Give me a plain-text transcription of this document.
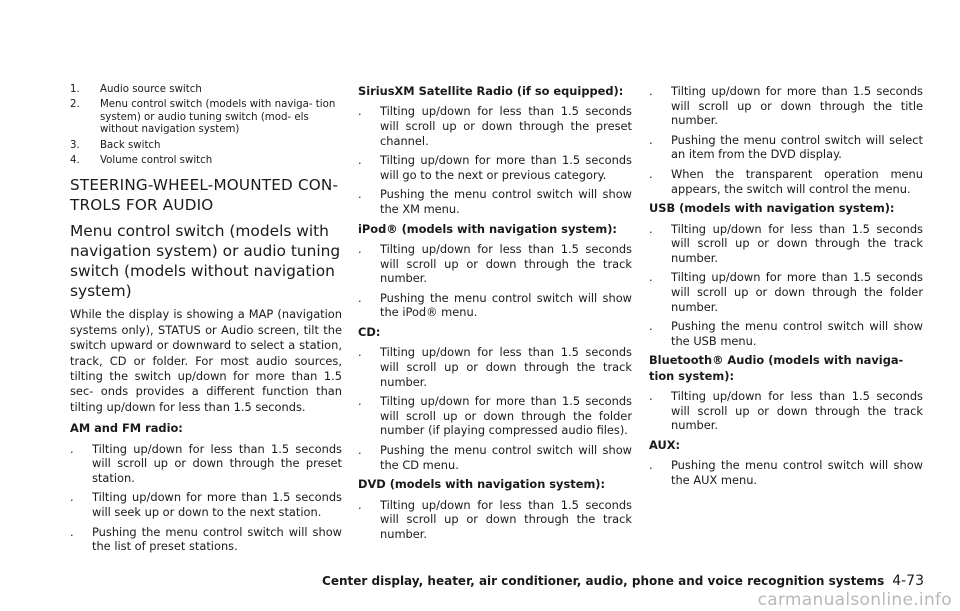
1. Audio source switch
2. Menu control switch (models with naviga- tion system) or audio tuning switch (mod- els without navigation system)
3. Back switch
4. Volume control switch
STEERING-WHEEL-MOUNTED CON- TROLS FOR AUDIO
Menu control switch (models with navigation system) or audio tuning switch (models without navigation system)

While the display is showing a MAP (navigation systems only), STATUS or Audio screen, tilt the switch upward or downward to select a station, track, CD or folder. For most audio sources, tilting the switch up/down for more than 1.5 sec- onds provides a different function than tilting up/down for less than 1.5 seconds.

AM and FM radio:
. Tilting up/down for less than 1.5 seconds will scroll up or down through the preset station.
. Tilting up/down for more than 1.5 seconds will seek up or down to the next station.
. Pushing the menu control switch will show the list of preset stations.
SiriusXM Satellite Radio (if so equipped):
. Tilting up/down for less than 1.5 seconds will scroll up or down through the preset channel.
. Tilting up/down for more than 1.5 seconds will go to the next or previous category.
. Pushing the menu control switch will show the XM menu.
iPod® (models with navigation system):
. Tilting up/down for less than 1.5 seconds will scroll up or down through the track number.
. Pushing the menu control switch will show the iPod® menu.
CD:
. Tilting up/down for less than 1.5 seconds will scroll up or down through the track number.
. Tilting up/down for more than 1.5 seconds will scroll up or down through the folder number (if playing compressed audio files).
. Pushing the menu control switch will show the CD menu.
DVD (models with navigation system):
. Tilting up/down for less than 1.5 seconds will scroll up or down through the track number.
. Tilting up/down for more than 1.5 seconds will scroll up or down through the title number.
. Pushing the menu control switch will select an item from the DVD display.
. When the transparent operation menu appears, the switch will control the menu.
USB (models with navigation system):
. Tilting up/down for less than 1.5 seconds will scroll up or down through the track number.
. Tilting up/down for more than 1.5 seconds will scroll up or down through the folder number.
. Pushing the menu control switch will show the USB menu.
Bluetooth® Audio (models with naviga- tion system):
. Tilting up/down for less than 1.5 seconds will scroll up or down through the track number.
AUX:
. Pushing the menu control switch will show the AUX menu.
Center display, heater, air conditioner, audio, phone and voice recognition systems 4-73
carmanualsonline.info
